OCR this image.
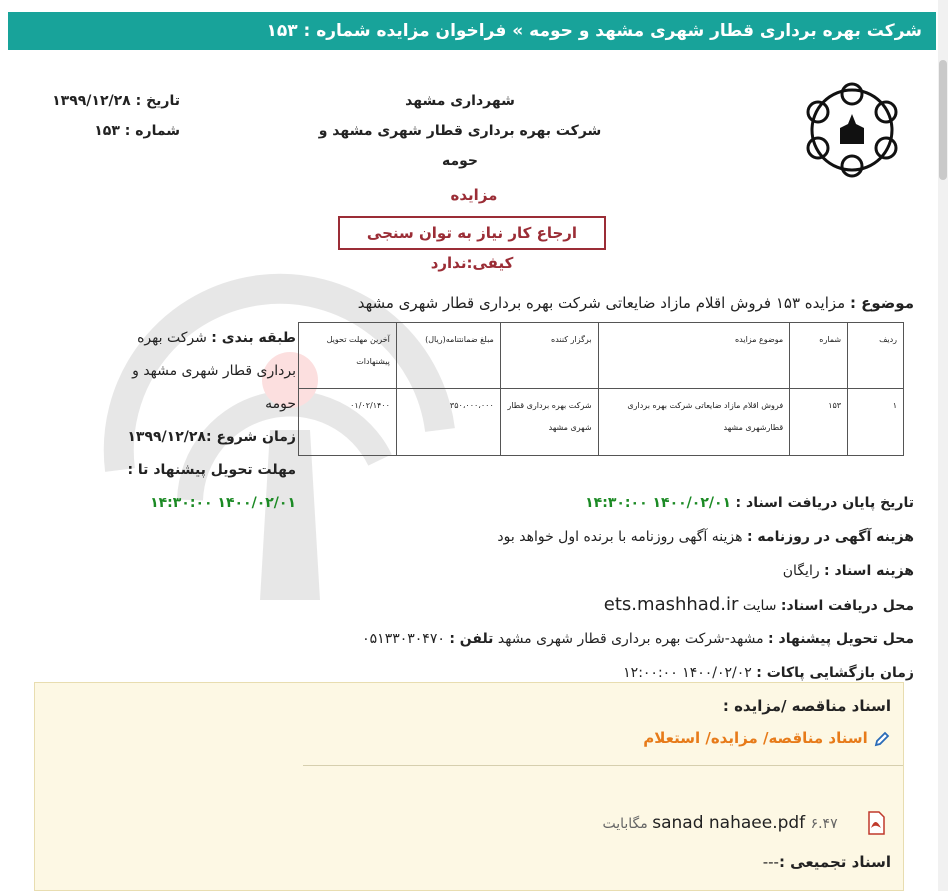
شرکت بهره برداری قطار شهری مشهد و حومه » فراخوان مزایده شماره : ۱۵۳
تاریخ : ۱۳۹۹/۱۲/۲۸
شماره : ۱۵۳
شهرداری مشهد
شرکت بهره برداری قطار شهری مشهد و حومه
مزایده
ارجاع کار نیاز به توان سنجی کیفی:ندارد
موضوع : مزایده ۱۵۳ فروش اقلام مازاد ضایعاتی شرکت بهره برداری قطار شهری مشهد
ردیف	شماره	موضوع مزایده	برگزار کننده	مبلغ ضمانتنامه(ریال)	آخرین مهلت تحویل پیشنهادات
۱	۱۵۳	فروش اقلام مازاد ضایعاتی شرکت بهره برداری قطارشهری مشهد	شرکت بهره برداری قطار شهری مشهد	۳۵۰،۰۰۰،۰۰۰	۰۱/۰۲/۱۴۰۰
طبقه بندی : شرکت بهره برداری قطار شهری مشهد و حومه
زمان شروع :۱۳۹۹/۱۲/۲۸
مهلت تحویل پیشنهاد تا :
۱۴۰۰/۰۲/۰۱ ۱۴:۳۰:۰۰	تاریخ پایان دریافت اسناد : ۱۴۰۰/۰۲/۰۱ ۱۴:۳۰:۰۰
هزینه آگهی در روزنامه : هزینه آگهی روزنامه با برنده اول خواهد بود
هزینه اسناد : رایگان
محل دریافت اسناد: سایت ets.mashhad.ir
محل تحویل پیشنهاد : مشهد-شرکت بهره برداری قطار شهری مشهد تلفن : ۰۵۱۳۳۰۳۰۴۷۰
زمان بازگشایی پاکات : ۱۴۰۰/۰۲/۰۲ ۱۲:۰۰:۰۰
اسناد مناقصه /مزایده :
اسناد مناقصه/ مزایده/ استعلام
sanad nahaee.pdf ۶.۴۷ مگابایت
اسناد تجمیعی :---
